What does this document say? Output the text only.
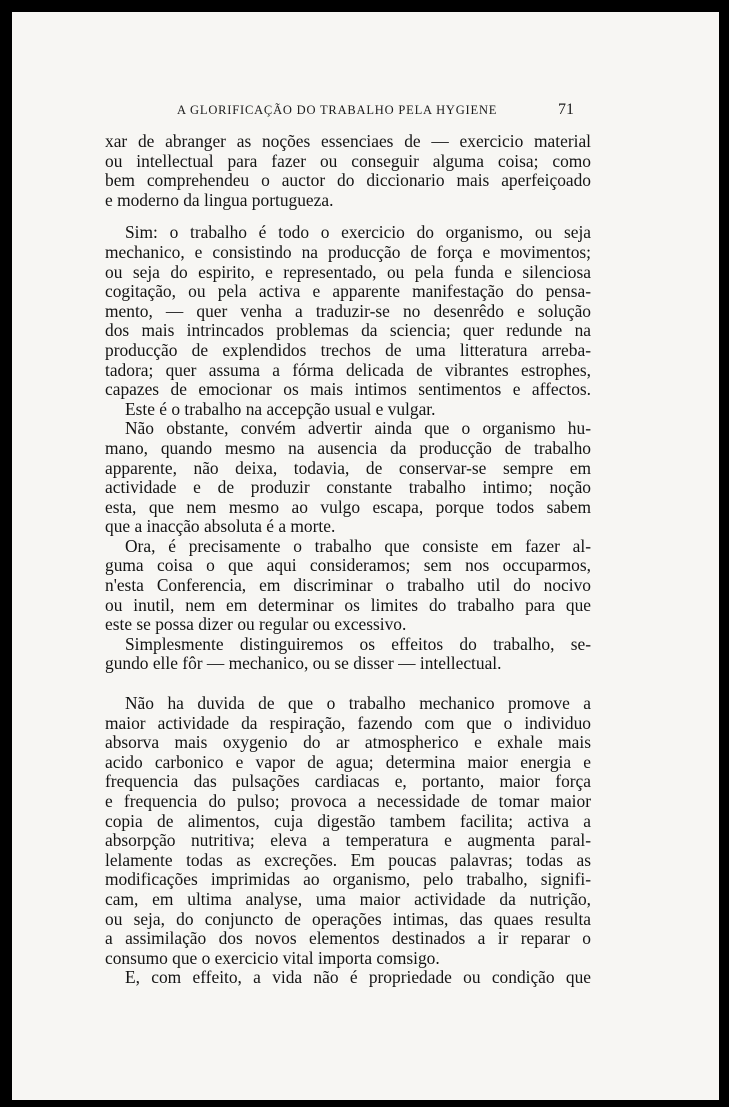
A GLORIFICAÇÃO DO TRABALHO PELA HYGIENE	71
xar de abranger as noções essenciaes de — exercicio material
ou intellectual para fazer ou conseguir alguma coisa; como
bem comprehendeu o auctor do diccionario mais aperfeiçoado
e moderno da lingua portugueza.
Sim: o trabalho é todo o exercicio do organismo, ou seja
mechanico, e consistindo na producção de força e movimentos;
ou seja do espirito, e representado, ou pela funda e silenciosa
cogitação, ou pela activa e apparente manifestação do pensa-
mento, — quer venha a traduzir-se no desenrêdo e solução
dos mais intrincados problemas da sciencia; quer redunde na
producção de explendidos trechos de uma litteratura arreba-
tadora; quer assuma a fórma delicada de vibrantes estrophes,
capazes de emocionar os mais intimos sentimentos e affectos.
Este é o trabalho na accepção usual e vulgar.
Não obstante, convém advertir ainda que o organismo hu-
mano, quando mesmo na ausencia da producção de trabalho
apparente, não deixa, todavia, de conservar-se sempre em
actividade e de produzir constante trabalho intimo; noção
esta, que nem mesmo ao vulgo escapa, porque todos sabem
que a inacção absoluta é a morte.
Ora, é precisamente o trabalho que consiste em fazer al-
guma coisa o que aqui consideramos; sem nos occuparmos,
n'esta Conferencia, em discriminar o trabalho util do nocivo
ou inutil, nem em determinar os limites do trabalho para que
este se possa dizer ou regular ou excessivo.
Simplesmente distinguiremos os effeitos do trabalho, se-
gundo elle fôr — mechanico, ou se disser — intellectual.
Não ha duvida de que o trabalho mechanico promove a
maior actividade da respiração, fazendo com que o individuo
absorva mais oxygenio do ar atmospherico e exhale mais
acido carbonico e vapor de agua; determina maior energia e
frequencia das pulsações cardiacas e, portanto, maior força
e frequencia do pulso; provoca a necessidade de tomar maior
copia de alimentos, cuja digestão tambem facilita; activa a
absorpção nutritiva; eleva a temperatura e augmenta paral-
lelamente todas as excreções. Em poucas palavras; todas as
modificações imprimidas ao organismo, pelo trabalho, signifi-
cam, em ultima analyse, uma maior actividade da nutrição,
ou seja, do conjuncto de operações intimas, das quaes resulta
a assimilação dos novos elementos destinados a ir reparar o
consumo que o exercicio vital importa comsigo.
E, com effeito, a vida não é propriedade ou condição que
